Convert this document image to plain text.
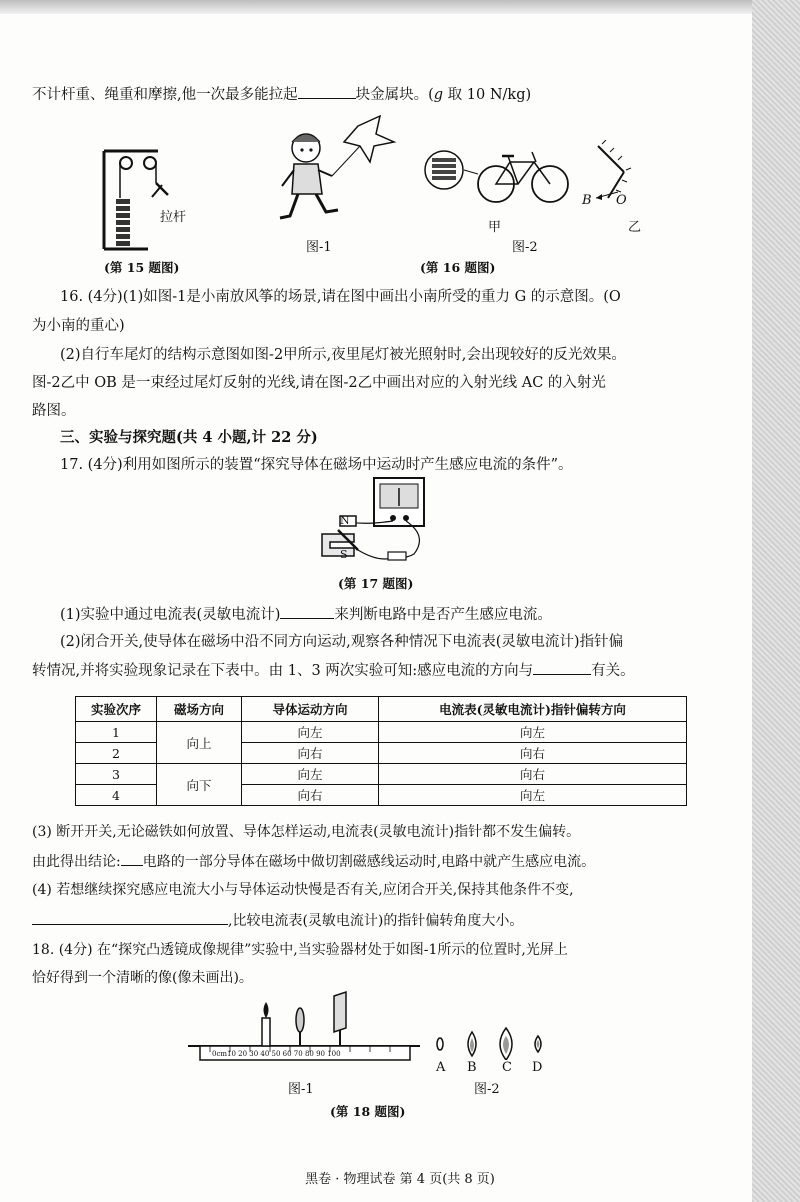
不计杆重、绳重和摩擦,他一次最多能拉起	块金属块。(g 取 10 N/kg)
拉杆
(第 15 题图)
图-1
甲
图-2
B O
乙
(第 16 题图)
16. (4分)(1)如图-1是小南放风筝的场景,请在图中画出小南所受的重力 G 的示意图。(O
为小南的重心)
(2)自行车尾灯的结构示意图如图-2甲所示,夜里尾灯被光照射时,会出现较好的反光效果。
图-2乙中 OB 是一束经过尾灯反射的光线,请在图-2乙中画出对应的入射光线 AC 的入射光
路图。
三、实验与探究题(共 4 小题,计 22 分)
17. (4分)利用如图所示的装置“探究导体在磁场中运动时产生感应电流的条件”。
N
S
(第 17 题图)
(1)实验中通过电流表(灵敏电流计)	来判断电路中是否产生感应电流。
(2)闭合开关,使导体在磁场中沿不同方向运动,观察各种情况下电流表(灵敏电流计)指针偏
转情况,并将实验现象记录在下表中。由 1、3 两次实验可知:感应电流的方向与	有关。
实验次序	磁场方向	导体运动方向	电流表(灵敏电流计)指针偏转方向
1	向上	向左	向左
2		向右	向右
3	向下	向左	向右
4		向右	向左
(3) 断开开关,无论磁铁如何放置、导体怎样运动,电流表(灵敏电流计)指针都不发生偏转。
由此得出结论: 电路的一部分导体在磁场中做切割磁感线运动时,电路中就产生感应电流。
(4) 若想继续探究感应电流大小与导体运动快慢是否有关,应闭合开关,保持其他条件不变,
,比较电流表(灵敏电流计)的指针偏转角度大小。
18. (4分) 在“探究凸透镜成像规律”实验中,当实验器材处于如图-1所示的位置时,光屏上
恰好得到一个清晰的像(像未画出)。
0cm10 20 30 40 50 60 70 80 90 100
图-1
A B C D
图-2
(第 18 题图)
黑卷 · 物理试卷 第 4 页(共 8 页)
